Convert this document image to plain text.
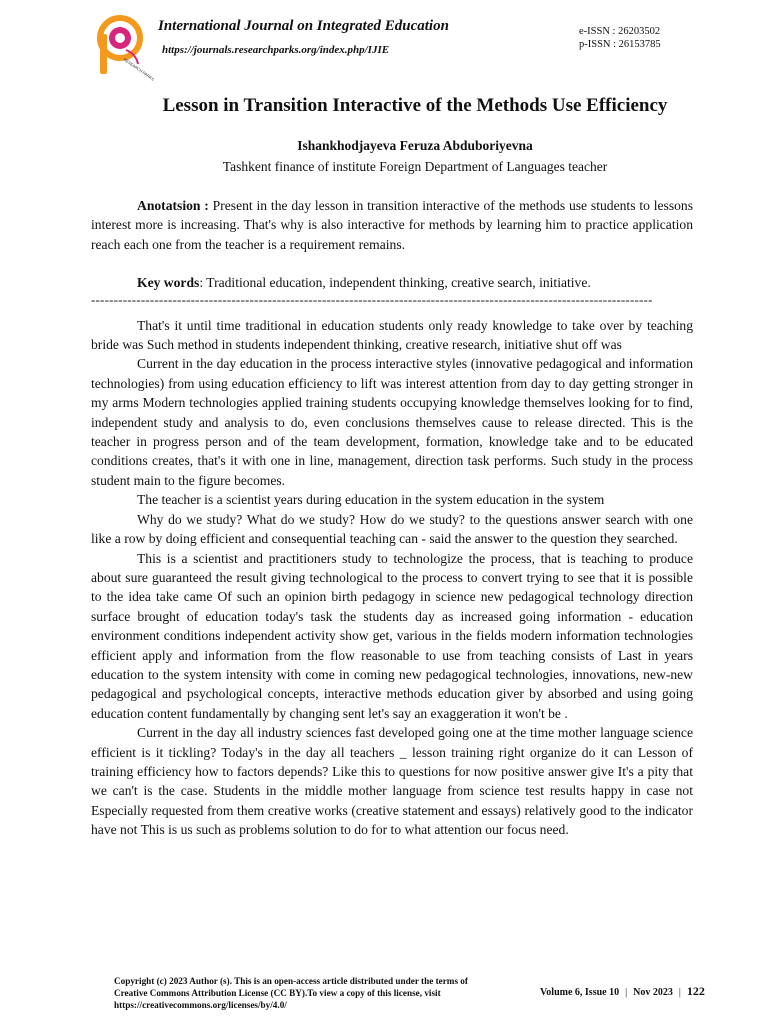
RESEARCH PARKS
International Journal on Integrated Education
https://journals.researchparks.org/index.php/IJIE
e-ISSN : 26203502
p-ISSN : 26153785
Lesson in Transition Interactive of the Methods Use Efficiency
Ishankhodjayeva Feruza Abduboriyevna
Tashkent finance of institute Foreign Department of Languages teacher

Anotatsion : Present in the day lesson in transition interactive of the methods use students to lessons interest more is increasing. That's why is also interactive for methods by learning him to practice application reach each one from the teacher is a requirement remains.

Key words: Traditional education, independent thinking, creative search, initiative.

----------------------------------------------------------------------------------------------------------------------------

That's it until time traditional in education students only ready knowledge to take over by teaching bride was Such method in students independent thinking, creative research, initiative shut off was

Current in the day education in the process interactive styles (innovative pedagogical and information technologies) from using education efficiency to lift was interest attention from day to day getting stronger in my arms Modern technologies applied training students occupying knowledge themselves looking for to find, independent study and analysis to do, even conclusions themselves cause to release directed. This is the teacher in progress person and of the team development, formation, knowledge take and to be educated conditions creates, that's it with one in line, management, direction task performs. Such study in the process student main to the figure becomes.

The teacher is a scientist years during education in the system education in the system

Why do we study? What do we study? How do we study? to the questions answer search with one like a row by doing efficient and consequential teaching can - said the answer to the question they searched.

This is a scientist and practitioners study to technologize the process, that is teaching to produce about sure guaranteed the result giving technological to the process to convert trying to see that it is possible to the idea take came Of such an opinion birth pedagogy in science new pedagogical technology direction surface brought of education today's task the students day as increased going information - education environment conditions independent activity show get, various in the fields modern information technologies efficient apply and information from the flow reasonable to use from teaching consists of Last in years education to the system intensity with come in coming new pedagogical technologies, innovations, new-new pedagogical and psychological concepts, interactive methods education giver by absorbed and using going education content fundamentally by changing sent let's say an exaggeration it won't be .

Current in the day all industry sciences fast developed going one at the time mother language science efficient is it tickling? Today's in the day all teachers _ lesson training right organize do it can Lesson of training efficiency how to factors depends? Like this to questions for now positive answer give It's a pity that we can't is the case. Students in the middle mother language from science test results happy in case not Especially requested from them creative works (creative statement and essays) relatively good to the indicator have not This is us such as problems solution to do for to what attention our focus need.

Copyright (c) 2023 Author (s). This is an open-access article distributed under the terms of Creative Commons Attribution License (CC BY).To view a copy of this license, visit https://creativecommons.org/licenses/by/4.0/
Volume 6, Issue 10 | Nov 2023 | 122
